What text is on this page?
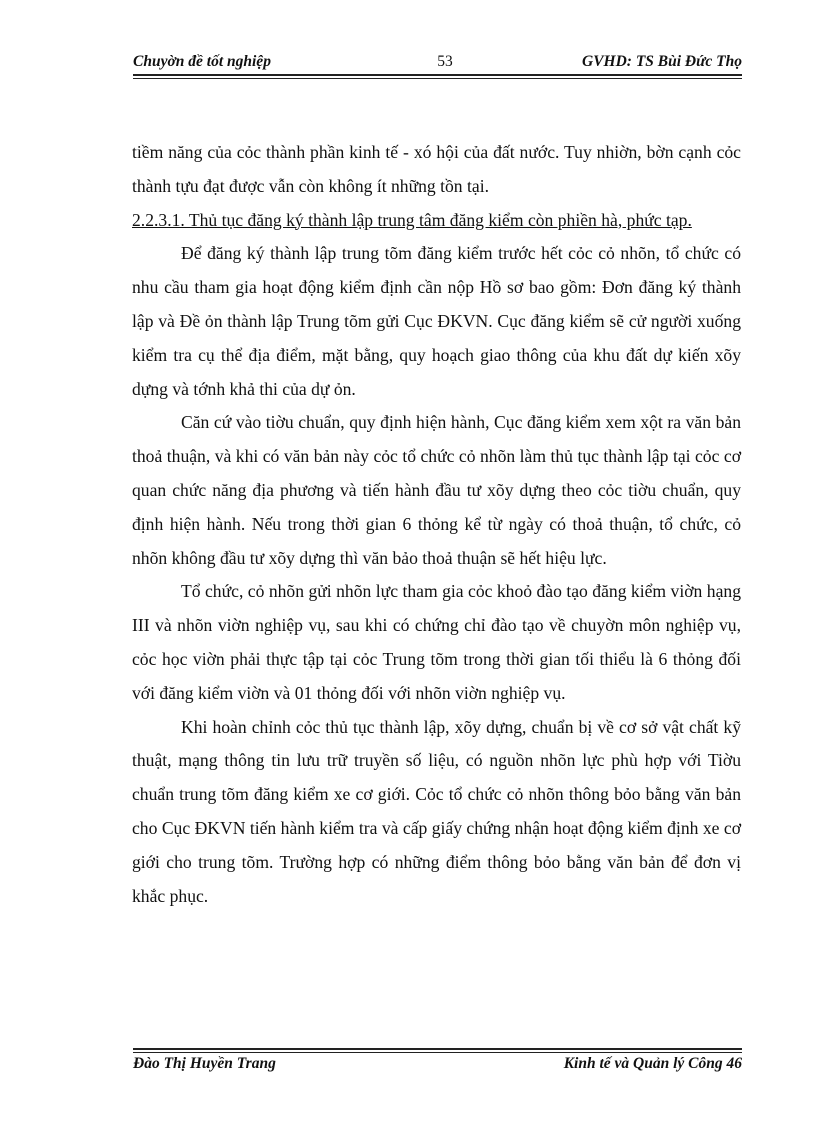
Chuyờn đề tốt nghiệp	53	GVHD: TS Bùi Đức Thọ

tiềm năng của cỏc thành phần kinh tế - xó hội của đất nước. Tuy nhiờn, bờn cạnh cỏc thành tựu đạt được vẫn còn không ít những tồn tại.

2.2.3.1. Thủ tục đăng ký thành lập trung tâm đăng kiểm còn phiền hà, phức tạp.

Để đăng ký thành lập trung tõm đăng kiểm trước hết cỏc cỏ nhõn, tổ chức có nhu cầu tham gia hoạt động kiểm định cần nộp Hồ sơ bao gồm: Đơn đăng ký thành lập và Đề ỏn thành lập Trung tõm gửi Cục ĐKVN. Cục đăng kiểm sẽ cử người xuống kiểm tra cụ thể địa điểm, mặt bằng, quy hoạch giao thông của khu đất dự kiến xõy dựng và tớnh khả thi của dự ỏn.

Căn cứ vào tiờu chuẩn, quy định hiện hành, Cục đăng kiểm xem xột ra văn bản thoả thuận, và khi có văn bản này cỏc tổ chức cỏ nhõn làm thủ tục thành lập tại cỏc cơ quan chức năng địa phương và tiến hành đầu tư xõy dựng theo cỏc tiờu chuẩn, quy định hiện hành. Nếu trong thời gian 6 thỏng kể từ ngày có thoả thuận, tổ chức, cỏ nhõn không đầu tư xõy dựng thì văn bảo thoả thuận sẽ hết hiệu lực.

Tổ chức, cỏ nhõn gửi nhõn lực tham gia cỏc khoỏ đào tạo đăng kiểm viờn hạng III và nhõn viờn nghiệp vụ, sau khi có chứng chỉ đào tạo về chuyờn môn nghiệp vụ, cỏc học viờn phải thực tập tại cỏc Trung tõm trong thời gian tối thiểu là 6 thỏng đối với đăng kiểm viờn và 01 thỏng đối với nhõn viờn nghiệp vụ.

Khi hoàn chỉnh cỏc thủ tục thành lập, xõy dựng, chuẩn bị về cơ sở vật chất kỹ thuật, mạng thông tin lưu trữ truyền số liệu, có nguồn nhõn lực phù hợp với Tiờu chuẩn trung tõm đăng kiểm xe cơ giới. Cỏc tổ chức cỏ nhõn thông bỏo bằng văn bản cho Cục ĐKVN tiến hành kiểm tra và cấp giấy chứng nhận hoạt động kiểm định xe cơ giới cho trung tõm. Trường hợp có những điểm thông bỏo bằng văn bản để đơn vị khắc phục.

Đào Thị Huyền Trang	Kinh tế và Quản lý Công 46
